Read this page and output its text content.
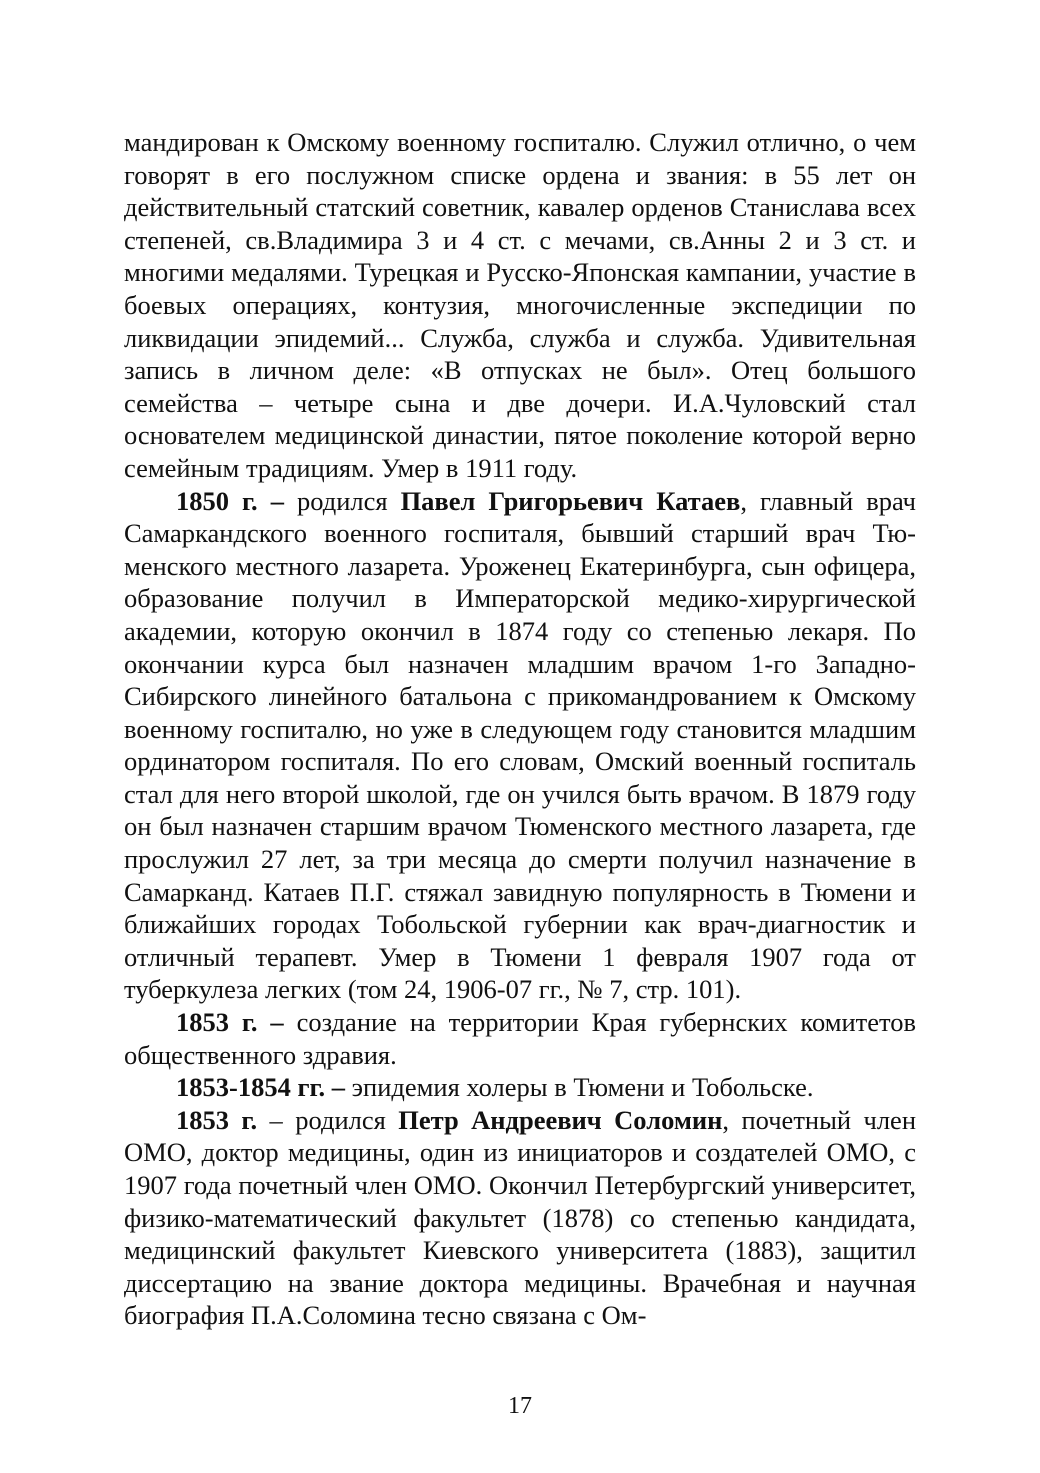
мандирован к Омскому военному госпиталю. Служил отлично, о чем говорят в его послужном списке ордена и звания: в 55 лет он действительный статский советник, кавалер орденов Станислава всех степеней, св.Владимира 3 и 4 ст. с мечами, св.Анны 2 и 3 ст. и многими медалями. Турецкая и Русско-Японская кампании, участие в боевых операциях, контузия, многочисленные экспедиции по ликвидации эпидемий... Служба, служба и служба. Удивительная запись в личном деле: «В отпусках не был». Отец большого семейства – четыре сына и две дочери. И.А.Чуловский стал основателем медицинской династии, пятое поколение которой верно семейным традициям. Умер в 1911 году.

1850 г. – родился Павел Григорьевич Катаев, главный врач Самаркандского военного госпиталя, бывший старший врач Тюменского местного лазарета. Уроженец Екатеринбурга, сын офицера, образование получил в Императорской медико-хирургической академии, которую окончил в 1874 году со степенью лекаря. По окончании курса был назначен младшим врачом 1-го Западно-Сибирского линейного батальона с прикомандрованием к Омскому военному госпиталю, но уже в следующем году становится младшим ординатором госпиталя. По его словам, Омский военный госпиталь стал для него второй школой, где он учился быть врачом. В 1879 году он был назначен старшим врачом Тюменского местного лазарета, где прослужил 27 лет, за три месяца до смерти получил назначение в Самарканд. Катаев П.Г. стяжал завидную популярность в Тюмени и ближайших городах Тобольской губернии как врач-диагностик и отличный терапевт. Умер в Тюмени 1 февраля 1907 года от туберкулеза легких (том 24, 1906-07 гг., № 7, стр. 101).

1853 г. – создание на территории Края губернских комитетов общественного здравия.

1853-1854 гг. – эпидемия холеры в Тюмени и Тобольске.

1853 г. – родился Петр Андреевич Соломин, почетный член ОМО, доктор медицины, один из инициаторов и создателей ОМО, с 1907 года почетный член ОМО. Окончил Петербургский университет, физико-математический факультет (1878) со степенью кандидата, медицинский факультет Киевского университета (1883), защитил диссертацию на звание доктора медицины. Врачебная и научная биография П.А.Соломина тесно связана с Ом-

17
